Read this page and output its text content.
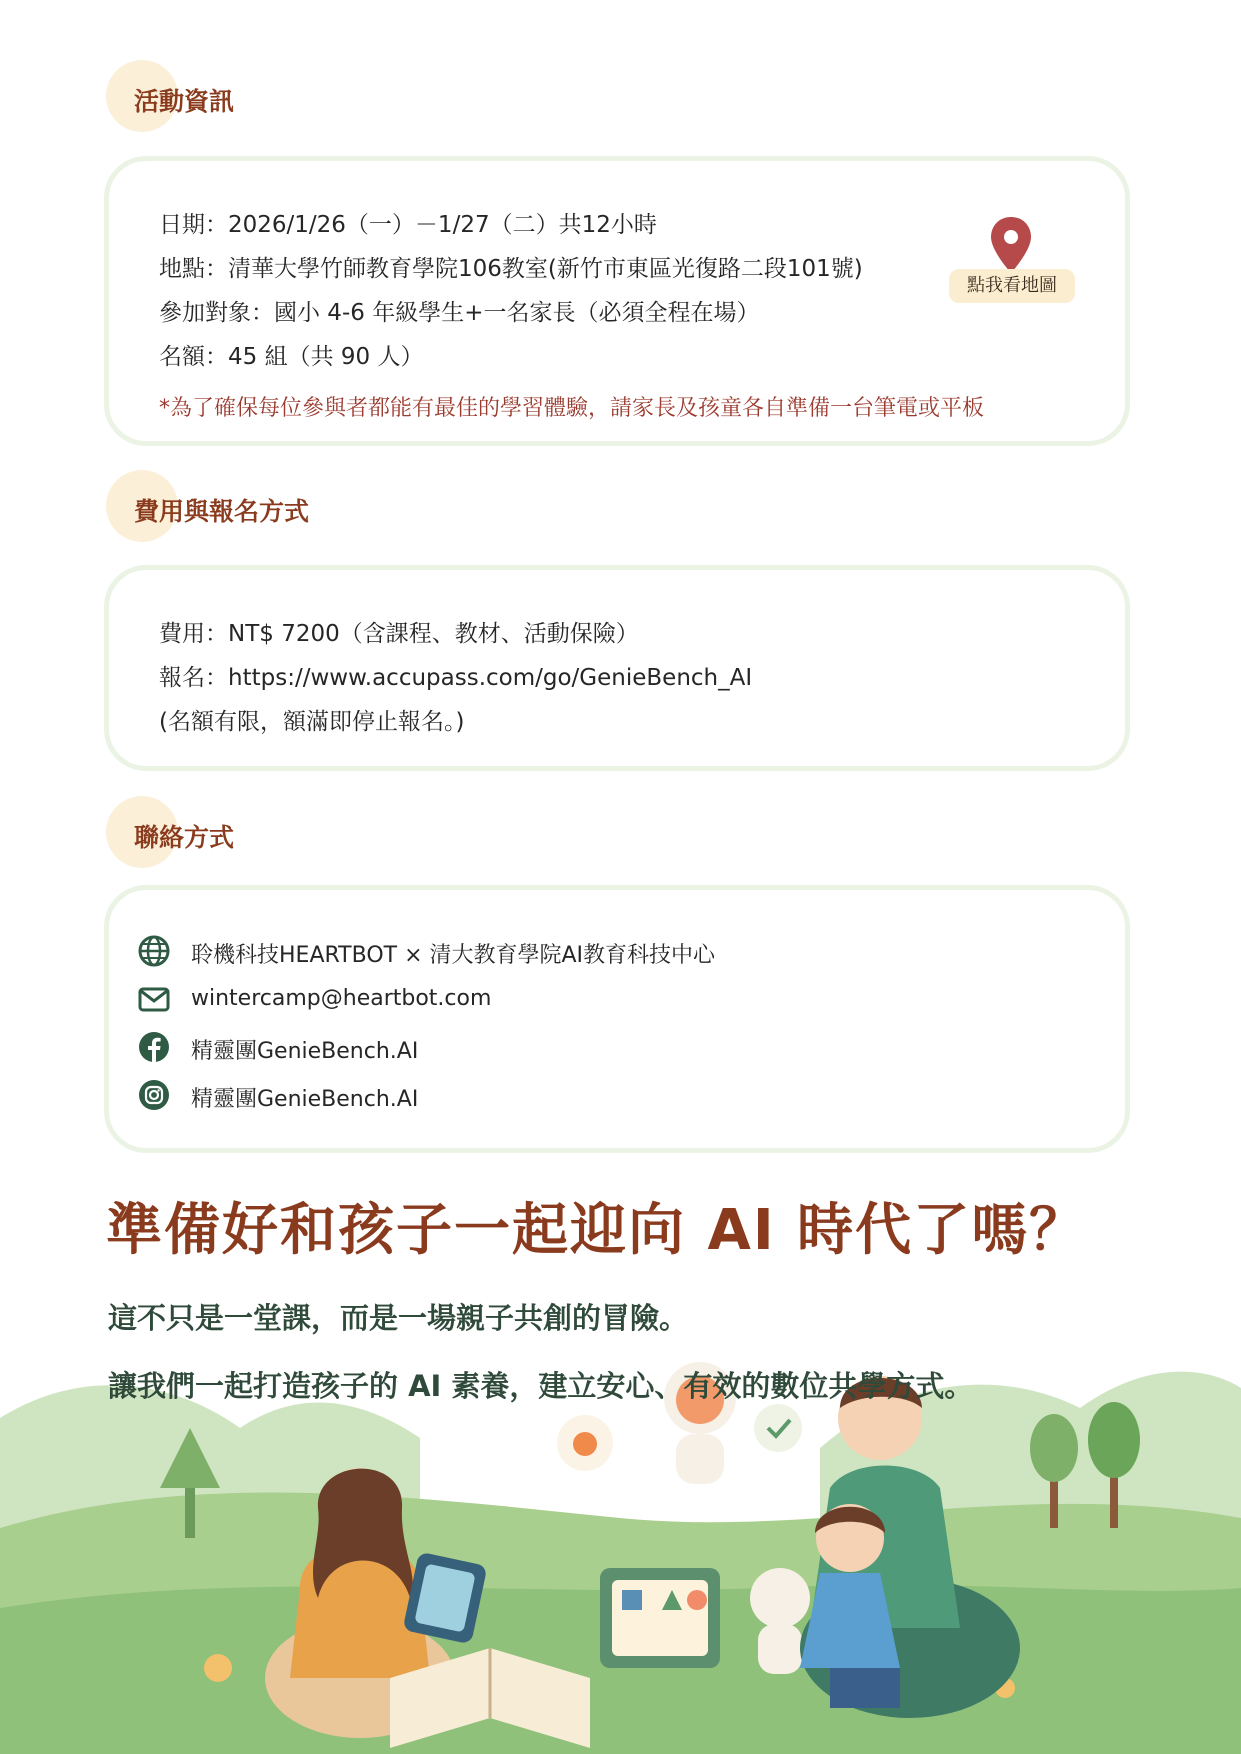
活動資訊
日期：2026/1/26（一）－1/27（二）共12小時
地點：清華大學竹師教育學院106教室(新竹市東區光復路二段101號)
參加對象：國小 4-6 年級學生+一名家長（必須全程在場）
名額：45 組（共 90 人）
*為了確保每位參與者都能有最佳的學習體驗，請家長及孩童各自準備一台筆電或平板
點我看地圖
費用與報名方式
費用：NT$ 7200（含課程、教材、活動保險）
報名：https://www.accupass.com/go/GenieBench_AI
(名額有限，額滿即停止報名。)
聯絡方式
聆機科技HEARTBOT × 清大教育學院AI教育科技中心
wintercamp@heartbot.com
精靈團GenieBench.AI
精靈團GenieBench.AI
準備好和孩子一起迎向 AI 時代了嗎？
這不只是一堂課，而是一場親子共創的冒險。
讓我們一起打造孩子的 AI 素養，建立安心、有效的數位共學方式。
